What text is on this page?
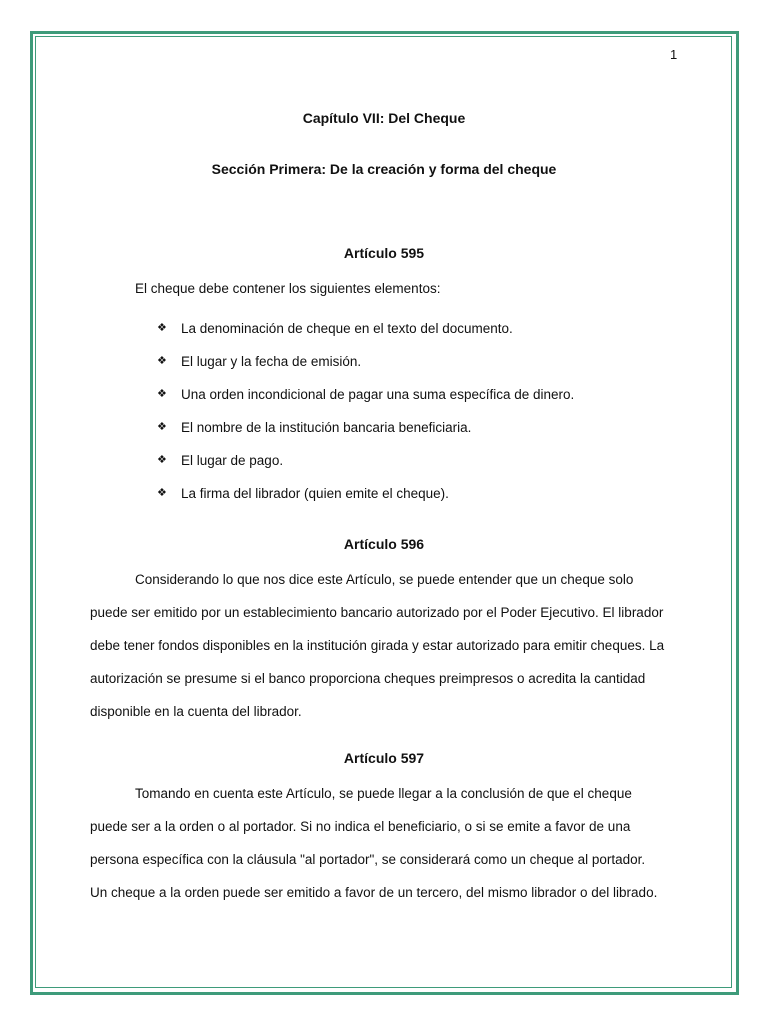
1
Capítulo VII: Del Cheque
Sección Primera: De la creación y forma del cheque
Artículo 595
El cheque debe contener los siguientes elementos:
❖	La denominación de cheque en el texto del documento.
❖	El lugar y la fecha de emisión.
❖	Una orden incondicional de pagar una suma específica de dinero.
❖	El nombre de la institución bancaria beneficiaria.
❖	El lugar de pago.
❖	La firma del librador (quien emite el cheque).
Artículo 596
Considerando lo que nos dice este Artículo, se puede entender que un cheque solo
puede ser emitido por un establecimiento bancario autorizado por el Poder Ejecutivo. El librador
debe tener fondos disponibles en la institución girada y estar autorizado para emitir cheques. La
autorización se presume si el banco proporciona cheques preimpresos o acredita la cantidad
disponible en la cuenta del librador.
Artículo 597
Tomando en cuenta este Artículo, se puede llegar a la conclusión de que el cheque
puede ser a la orden o al portador. Si no indica el beneficiario, o si se emite a favor de una
persona específica con la cláusula "al portador", se considerará como un cheque al portador.
Un cheque a la orden puede ser emitido a favor de un tercero, del mismo librador o del librado.
